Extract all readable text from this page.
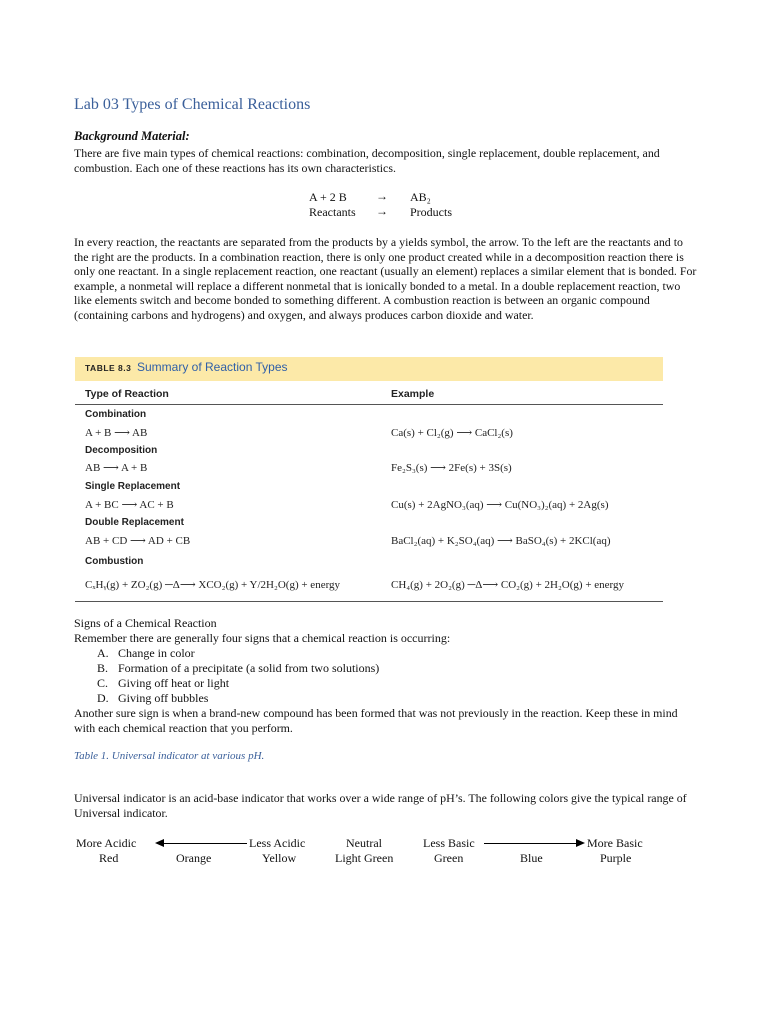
Lab 03 Types of Chemical Reactions
Background Material:
There are five main types of chemical reactions: combination, decomposition, single replacement, double replacement, and combustion. Each one of these reactions has its own characteristics.
A + 2 B → AB₂
Reactants → Products
In every reaction, the reactants are separated from the products by a yields symbol, the arrow. To the left are the reactants and to the right are the products. In a combination reaction, there is only one product created while in a decomposition reaction there is only one reactant. In a single replacement reaction, one reactant (usually an element) replaces a similar element that is bonded. For example, a nonmetal will replace a different nonmetal that is ionically bonded to a metal. In a double replacement reaction, two like elements switch and become bonded to something different. A combustion reaction is between an organic compound (containing carbons and hydrogens) and oxygen, and always produces carbon dioxide and water.
TABLE 8.3 Summary of Reaction Types
Type of Reaction	Example
Combination
A + B ⟶ AB	Ca(s) + Cl₂(g) ⟶ CaCl₂(s)
Decomposition
AB ⟶ A + B	Fe₂S₃(s) ⟶ 2Fe(s) + 3S(s)
Single Replacement
A + BC ⟶ AC + B	Cu(s) + 2AgNO₃(aq) ⟶ Cu(NO₃)₂(aq) + 2Ag(s)
Double Replacement
AB + CD ⟶ AD + CB	BaCl₂(aq) + K₂SO₄(aq) ⟶ BaSO₄(s) + 2KCl(aq)
Combustion
CₓHᵧ(g) + ZO₂(g) ─Δ⟶ XCO₂(g) + Y/2H₂O(g) + energy	CH₄(g) + 2O₂(g) ─Δ⟶ CO₂(g) + 2H₂O(g) + energy
Signs of a Chemical Reaction
Remember there are generally four signs that a chemical reaction is occurring:
A. Change in color
B. Formation of a precipitate (a solid from two solutions)
C. Giving off heat or light
D. Giving off bubbles
Another sure sign is when a brand-new compound has been formed that was not previously in the reaction. Keep these in mind with each chemical reaction that you perform.
Table 1. Universal indicator at various pH.
Universal indicator is an acid-base indicator that works over a wide range of pH’s. The following colors give the typical range of Universal indicator.
More Acidic	Less Acidic	Neutral	Less Basic	More Basic
Red	Orange	Yellow	Light Green	Green	Blue	Purple
